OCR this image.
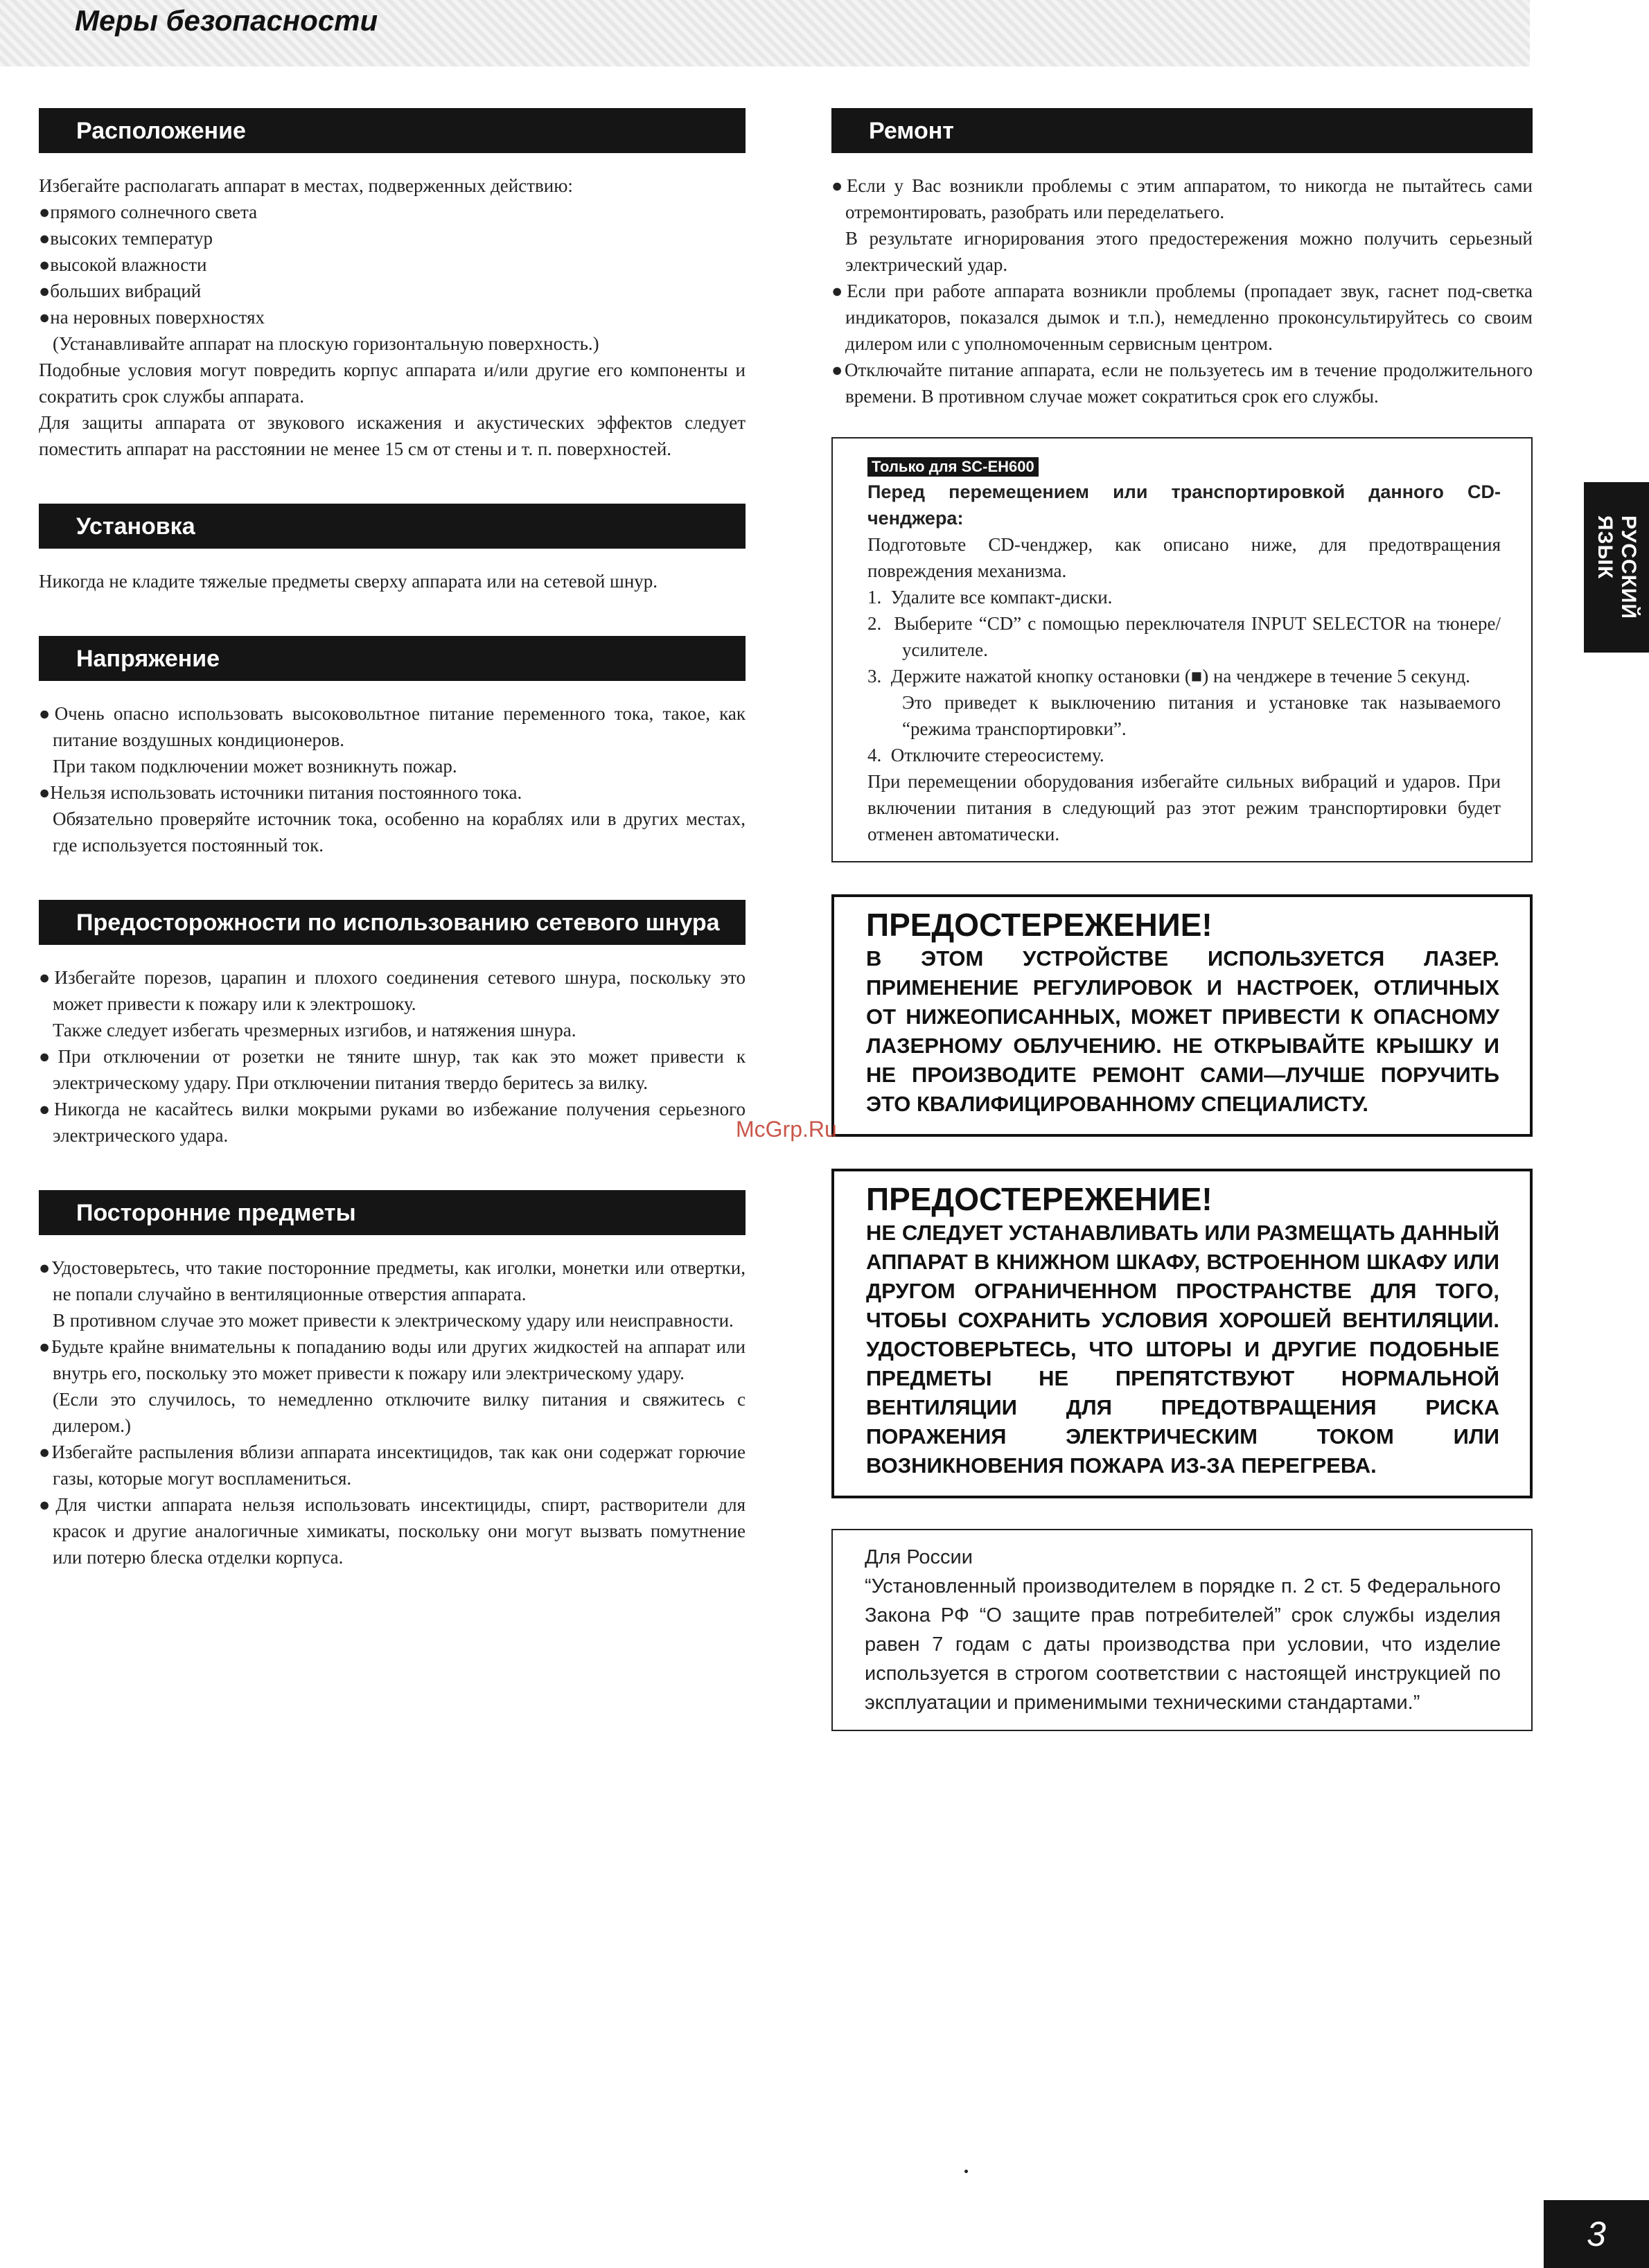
Меры безопасности
Расположение

Избегайте располагать аппарат в местах, подверженных действию:

●прямого солнечного света

●высоких температур

●высокой влажности

●больших вибраций

●на неровных поверхностях

(Устанавливайте аппарат на плоскую горизонтальную поверхность.)

Подобные условия могут повредить корпус аппарата и/или другие его компоненты и сократить срок службы аппарата.

Для защиты аппарата от звукового искажения и акустических эффектов следует поместить аппарат на расстоянии не менее 15 см от стены и т. п. поверхностей.

Установка

Никогда не кладите тяжелые предметы сверху аппарата или на сетевой шнур.

Напряжение

●Очень опасно использовать высоковольтное питание переменного тока, такое, как питание воздушных кондиционеров.

При таком подключении может возникнуть пожар.

●Нельзя использовать источники питания постоянного тока.

Обязательно проверяйте источник тока, особенно на кораблях или в других местах, где используется постоянный ток.

Предосторожности по использованию сетевого шнура

●Избегайте порезов, царапин и плохого соединения сетевого шнура, поскольку это может привести к пожару или к электрошоку.

Также следует избегать чрезмерных изгибов, и натяжения шнура.

●При отключении от розетки не тяните шнур, так как это может привести к электрическому удару. При отключении питания твердо беритесь за вилку.

●Никогда не касайтесь вилки мокрыми руками во избежание получения серьезного электрического удара.

Посторонние предметы

●Удостоверьтесь, что такие посторонние предметы, как иголки, монетки или отвертки, не попали случайно в вентиляционные отверстия аппарата.

В противном случае это может привести к электрическому удару или неисправности.

●Будьте крайне внимательны к попаданию воды или других жидкостей на аппарат или внутрь его, поскольку это может привести к пожару или электрическому удару.

(Если это случилось, то немедленно отключите вилку питания и свяжитесь с дилером.)

●Избегайте распыления вблизи аппарата инсектицидов, так как они содержат горючие газы, которые могут воспламениться.

●Для чистки аппарата нельзя использовать инсектициды, спирт, растворители для красок и другие аналогичные химикаты, поскольку они могут вызвать помутнение или потерю блеска отделки корпуса.

Ремонт

●Если у Вас возникли проблемы с этим аппаратом, то никогда не пытайтесь сами отремонтировать, разобрать или переделатьего.

В результате игнорирования этого предостережения можно получить серьезный электрический удар.

●Если при работе аппарата возникли проблемы (пропадает звук, гаснет под-светка индикаторов, показался дымок и т.п.), немедленно проконсультируйтесь со своим дилером или с уполномоченным сервисным центром.

●Отключайте питание аппарата, если не пользуетесь им в течение продолжительного времени. В противном случае может сократиться срок его службы.

Только для SC-EH600

Перед перемещением или транспортировкой данного CD-ченджера:

Подготовьте CD-ченджер, как описано ниже, для предотвращения повреждения механизма.

1.  Удалите все компакт-диски.

2.  Выберите “CD” с помощью переключателя INPUT SELECTOR на тюнере/усилителе.

3.  Держите нажатой кнопку остановки (■) на ченджере в течение 5 секунд.

Это приведет к выключению питания и установке так называемого “режима транспортировки”.

4.  Отключите стереосистему.

При перемещении оборудования избегайте сильных вибраций и ударов. При включении питания в следующий раз этот режим транспортировки будет отменен автоматически.

ПРЕДОСТЕРЕЖЕНИЕ!

В ЭТОМ УСТРОЙСТВЕ ИСПОЛЬЗУЕТСЯ ЛАЗЕР. ПРИМЕНЕНИЕ РЕГУЛИРОВОК И НАСТРОЕК, ОТЛИЧНЫХ ОТ НИЖЕОПИСАННЫХ, МОЖЕТ ПРИВЕСТИ К ОПАСНОМУ ЛАЗЕРНОМУ ОБЛУЧЕНИЮ. НЕ ОТКРЫВАЙТЕ КРЫШКУ И НЕ ПРОИЗВОДИТЕ РЕМОНТ САМИ—ЛУЧШЕ ПОРУЧИТЬ ЭТО КВАЛИФИЦИРОВАННОМУ СПЕЦИАЛИСТУ.

ПРЕДОСТЕРЕЖЕНИЕ!

НЕ СЛЕДУЕТ УСТАНАВЛИВАТЬ ИЛИ РАЗМЕЩАТЬ ДАННЫЙ АППАРАТ В КНИЖНОМ ШКАФУ, ВСТРОЕННОМ ШКАФУ ИЛИ ДРУГОМ ОГРАНИЧЕННОМ ПРОСТРАНСТВЕ ДЛЯ ТОГО, ЧТОБЫ СОХРАНИТЬ УСЛОВИЯ ХОРОШЕЙ ВЕНТИЛЯЦИИ. УДОСТОВЕРЬТЕСЬ, ЧТО ШТОРЫ И ДРУГИЕ ПОДОБНЫЕ ПРЕДМЕТЫ НЕ ПРЕПЯТСТВУЮТ НОРМАЛЬНОЙ ВЕНТИЛЯЦИИ ДЛЯ ПРЕДОТВРАЩЕНИЯ РИСКА ПОРАЖЕНИЯ ЭЛЕКТРИЧЕСКИМ ТОКОМ ИЛИ ВОЗНИКНОВЕНИЯ ПОЖАРА ИЗ-ЗА ПЕРЕГРЕВА.

Для России

“Установленный производителем в порядке п. 2 ст. 5 Федерального Закона РФ “О защите прав потребителей” срок службы изделия равен 7 годам с даты производства при условии, что изделие используется в строгом соответствии с настоящей инструкцией по эксплуатации и применимыми техническими стандартами.”

McGrp.Ru
РУССКИЙ
ЯЗЫК
3
